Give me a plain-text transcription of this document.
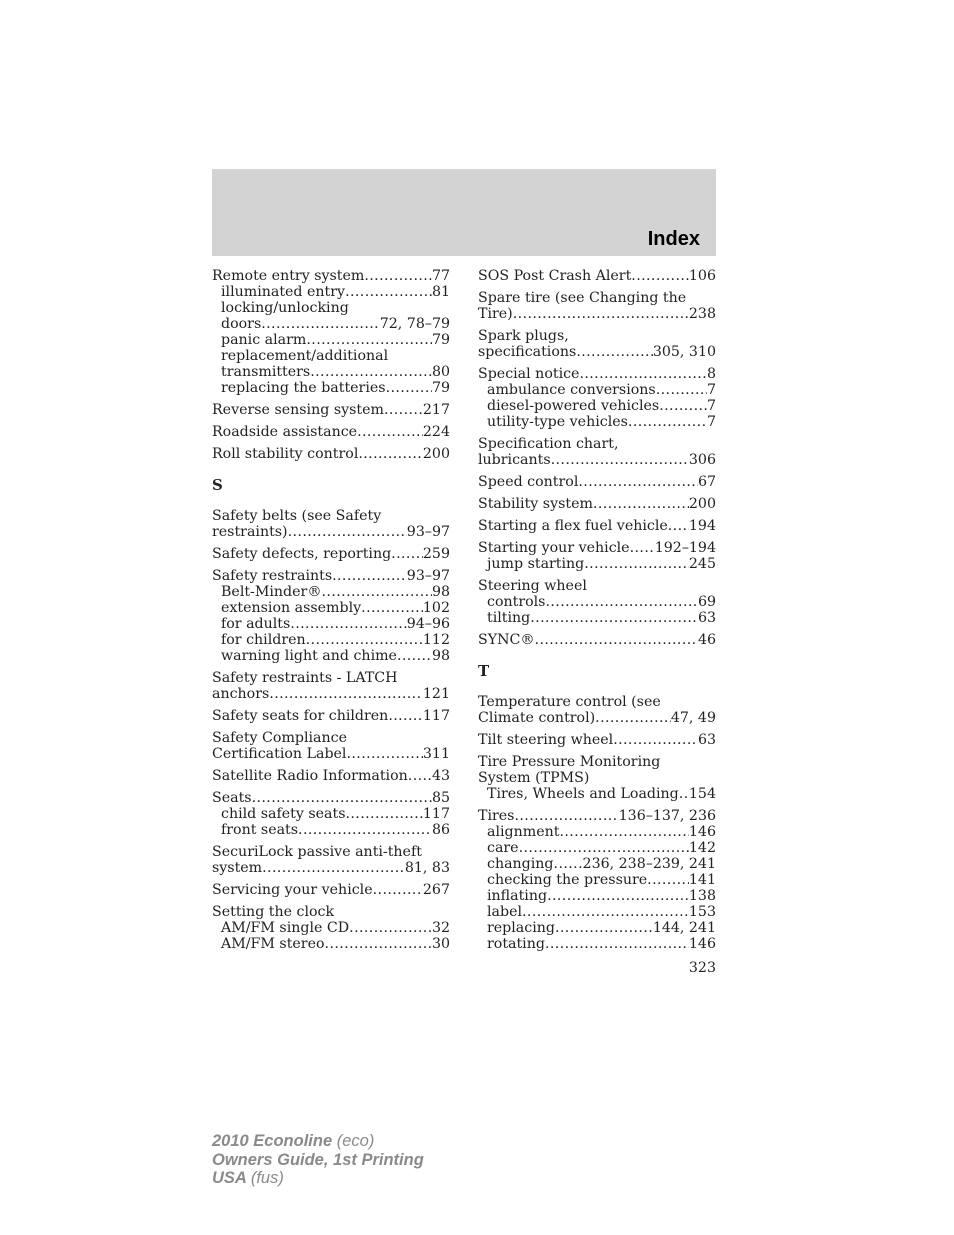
Index
Remote entry system .....	77
illuminated entry .....	81
locking/unlocking
doors .....	72, 78–79
panic alarm .....	79
replacement/additional
transmitters .....	80
replacing the batteries .....	79
Reverse sensing system .....	217
Roadside assistance .....	224
Roll stability control .....	200
S
Safety belts (see Safety
restraints) .....	93–97
Safety defects, reporting ..... 259
Safety restraints .....	93–97
Belt-Minder® .....	98
extension assembly .....	102
for adults .....	94–96
for children .....	112
warning light and chime ..... 98
Safety restraints - LATCH
anchors .....	121
Safety seats for children ..... 117
Safety Compliance
Certification Label .....	311
Satellite Radio Information ..... 43
Seats .....	85
child safety seats .....	117
front seats .....	86
SecuriLock passive anti-theft
system .....	81, 83
Servicing your vehicle .....	267
Setting the clock
AM/FM single CD .....	32
AM/FM stereo .....	30
SOS Post Crash Alert .....	106
Spare tire (see Changing the
Tire) .....	238
Spark plugs,
specifications .....	305, 310
Special notice .....	8
ambulance conversions .....	7
diesel-powered vehicles .....	7
utility-type vehicles .....	7
Specification chart,
lubricants .....	306
Speed control .....	67
Stability system .....	200
Starting a flex fuel vehicle ..... 194
Starting your vehicle ..... 192–194
jump starting .....	245
Steering wheel
controls .....	69
tilting .....	63
SYNC® .....	46
T
Temperature control (see
Climate control) .....	47, 49
Tilt steering wheel .....	63
Tire Pressure Monitoring
System (TPMS)
Tires, Wheels and Loading ..... 154
Tires .....	136–137, 236
alignment .....	146
care .....	142
changing ..... 236, 238–239, 241
checking the pressure .....	141
inflating .....	138
label .....	153
replacing .....	144, 241
rotating .....	146
323
2010 Econoline (eco)
Owners Guide, 1st Printing
USA (fus)
